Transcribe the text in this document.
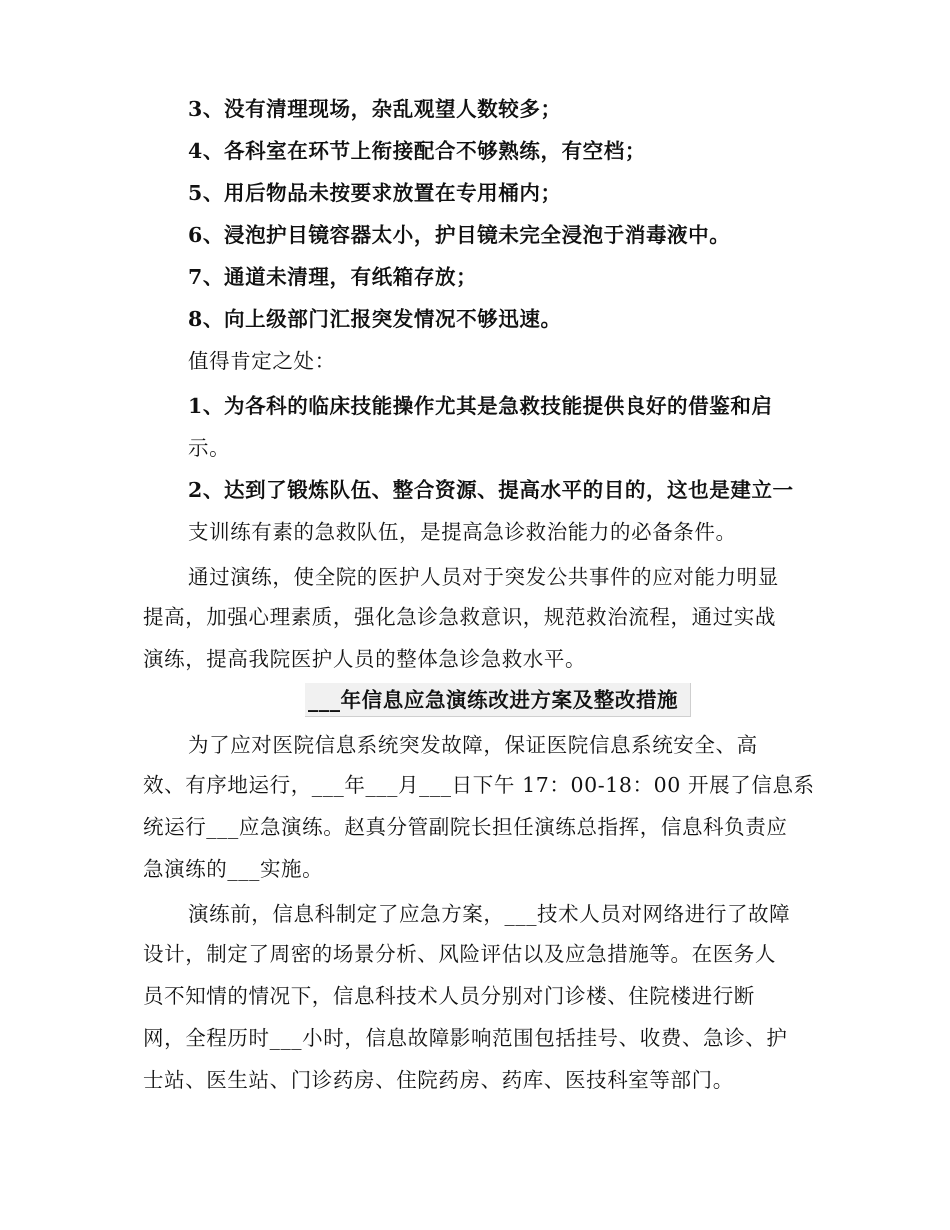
3、没有清理现场，杂乱观望人数较多；
4、各科室在环节上衔接配合不够熟练，有空档；
5、用后物品未按要求放置在专用桶内；
6、浸泡护目镜容器太小，护目镜未完全浸泡于消毒液中。
7、通道未清理，有纸箱存放；
8、向上级部门汇报突发情况不够迅速。
值得肯定之处：
1、为各科的临床技能操作尤其是急救技能提供良好的借鉴和启
示。
2、达到了锻炼队伍、整合资源、提高水平的目的，这也是建立一
支训练有素的急救队伍，是提高急诊救治能力的必备条件。
通过演练，使全院的医护人员对于突发公共事件的应对能力明显
提高，加强心理素质，强化急诊急救意识，规范救治流程，通过实战
演练，提高我院医护人员的整体急诊急救水平。
___年信息应急演练改进方案及整改措施
为了应对医院信息系统突发故障，保证医院信息系统安全、高
效、有序地运行，___年___月___日下午 17：00-18：00 开展了信息系
统运行___应急演练。赵真分管副院长担任演练总指挥，信息科负责应
急演练的___实施。
演练前，信息科制定了应急方案，___技术人员对网络进行了故障
设计，制定了周密的场景分析、风险评估以及应急措施等。在医务人
员不知情的情况下，信息科技术人员分别对门诊楼、住院楼进行断
网，全程历时___小时，信息故障影响范围包括挂号、收费、急诊、护
士站、医生站、门诊药房、住院药房、药库、医技科室等部门。
